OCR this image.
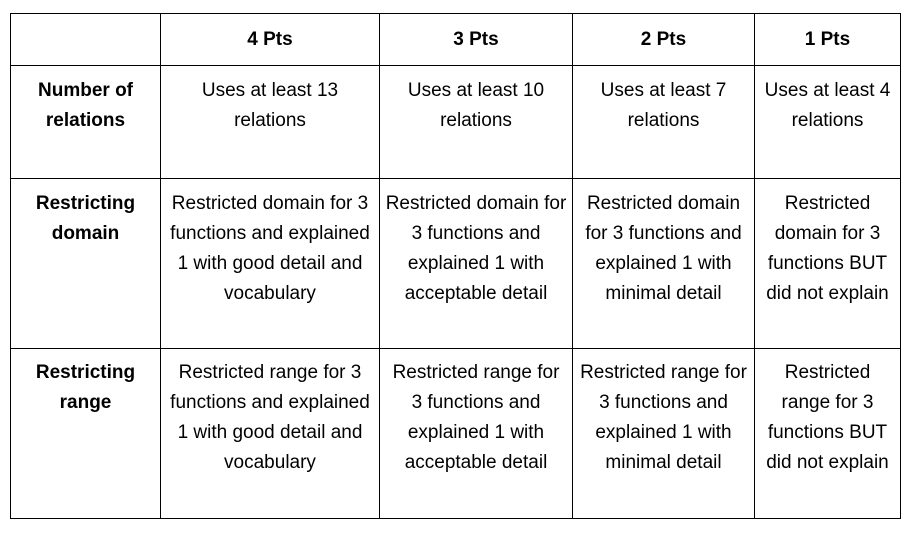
	4 Pts	3 Pts	2 Pts	1 Pts
Number of relations	Uses at least 13 relations	Uses at least 10 relations	Uses at least 7 relations	Uses at least 4 relations
Restricting domain	Restricted domain for 3 functions and explained 1 with good detail and vocabulary	Restricted domain for 3 functions and explained 1 with acceptable detail	Restricted domain for 3 functions and explained 1 with minimal detail	Restricted domain for 3 functions BUT did not explain
Restricting range	Restricted range for 3 functions and explained 1 with good detail and vocabulary	Restricted range for 3 functions and explained 1 with acceptable detail	Restricted range for 3 functions and explained 1 with minimal detail	Restricted range for 3 functions BUT did not explain
